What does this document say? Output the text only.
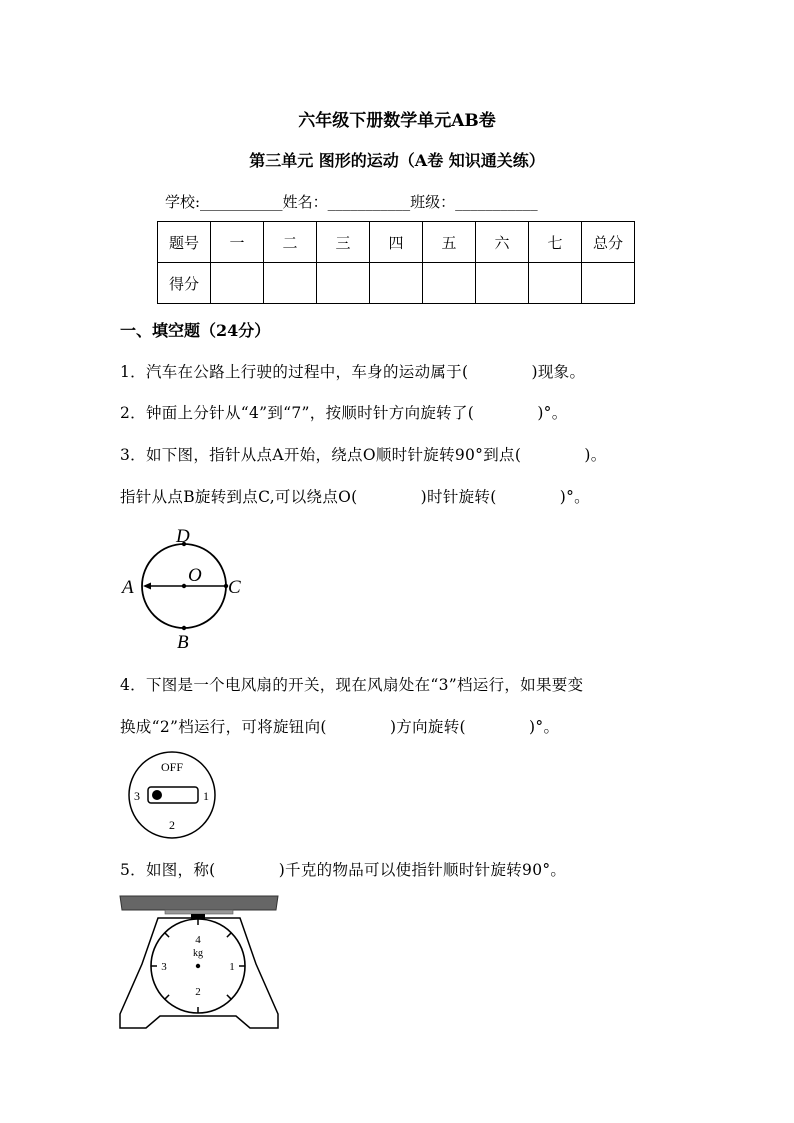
六年级下册数学单元AB卷
第三单元 图形的运动（A卷 知识通关练）
学校:___________姓名：___________班级：___________
题号	一	二	三	四	五	六	七	总分
得分								
一、填空题（24分）
1．汽车在公路上行驶的过程中，车身的运动属于(　　　　)现象。
2．钟面上分针从“4”到“7”，按顺时针方向旋转了(　　　　)°。
3．如下图，指针从点A开始，绕点O顺时针旋转90°到点(　　　　)。
指针从点B旋转到点C,可以绕点O(　　　　)时针旋转(　　　　)°。
D
O
A	C
B
4．下图是一个电风扇的开关，现在风扇处在“3”档运行，如果要变
换成“2”档运行，可将旋钮向(　　　　)方向旋转(　　　　)°。
OFF
3	1
2
5．如图，称(　　　　)千克的物品可以使指针顺时针旋转90°。
4
kg
1
2
3
